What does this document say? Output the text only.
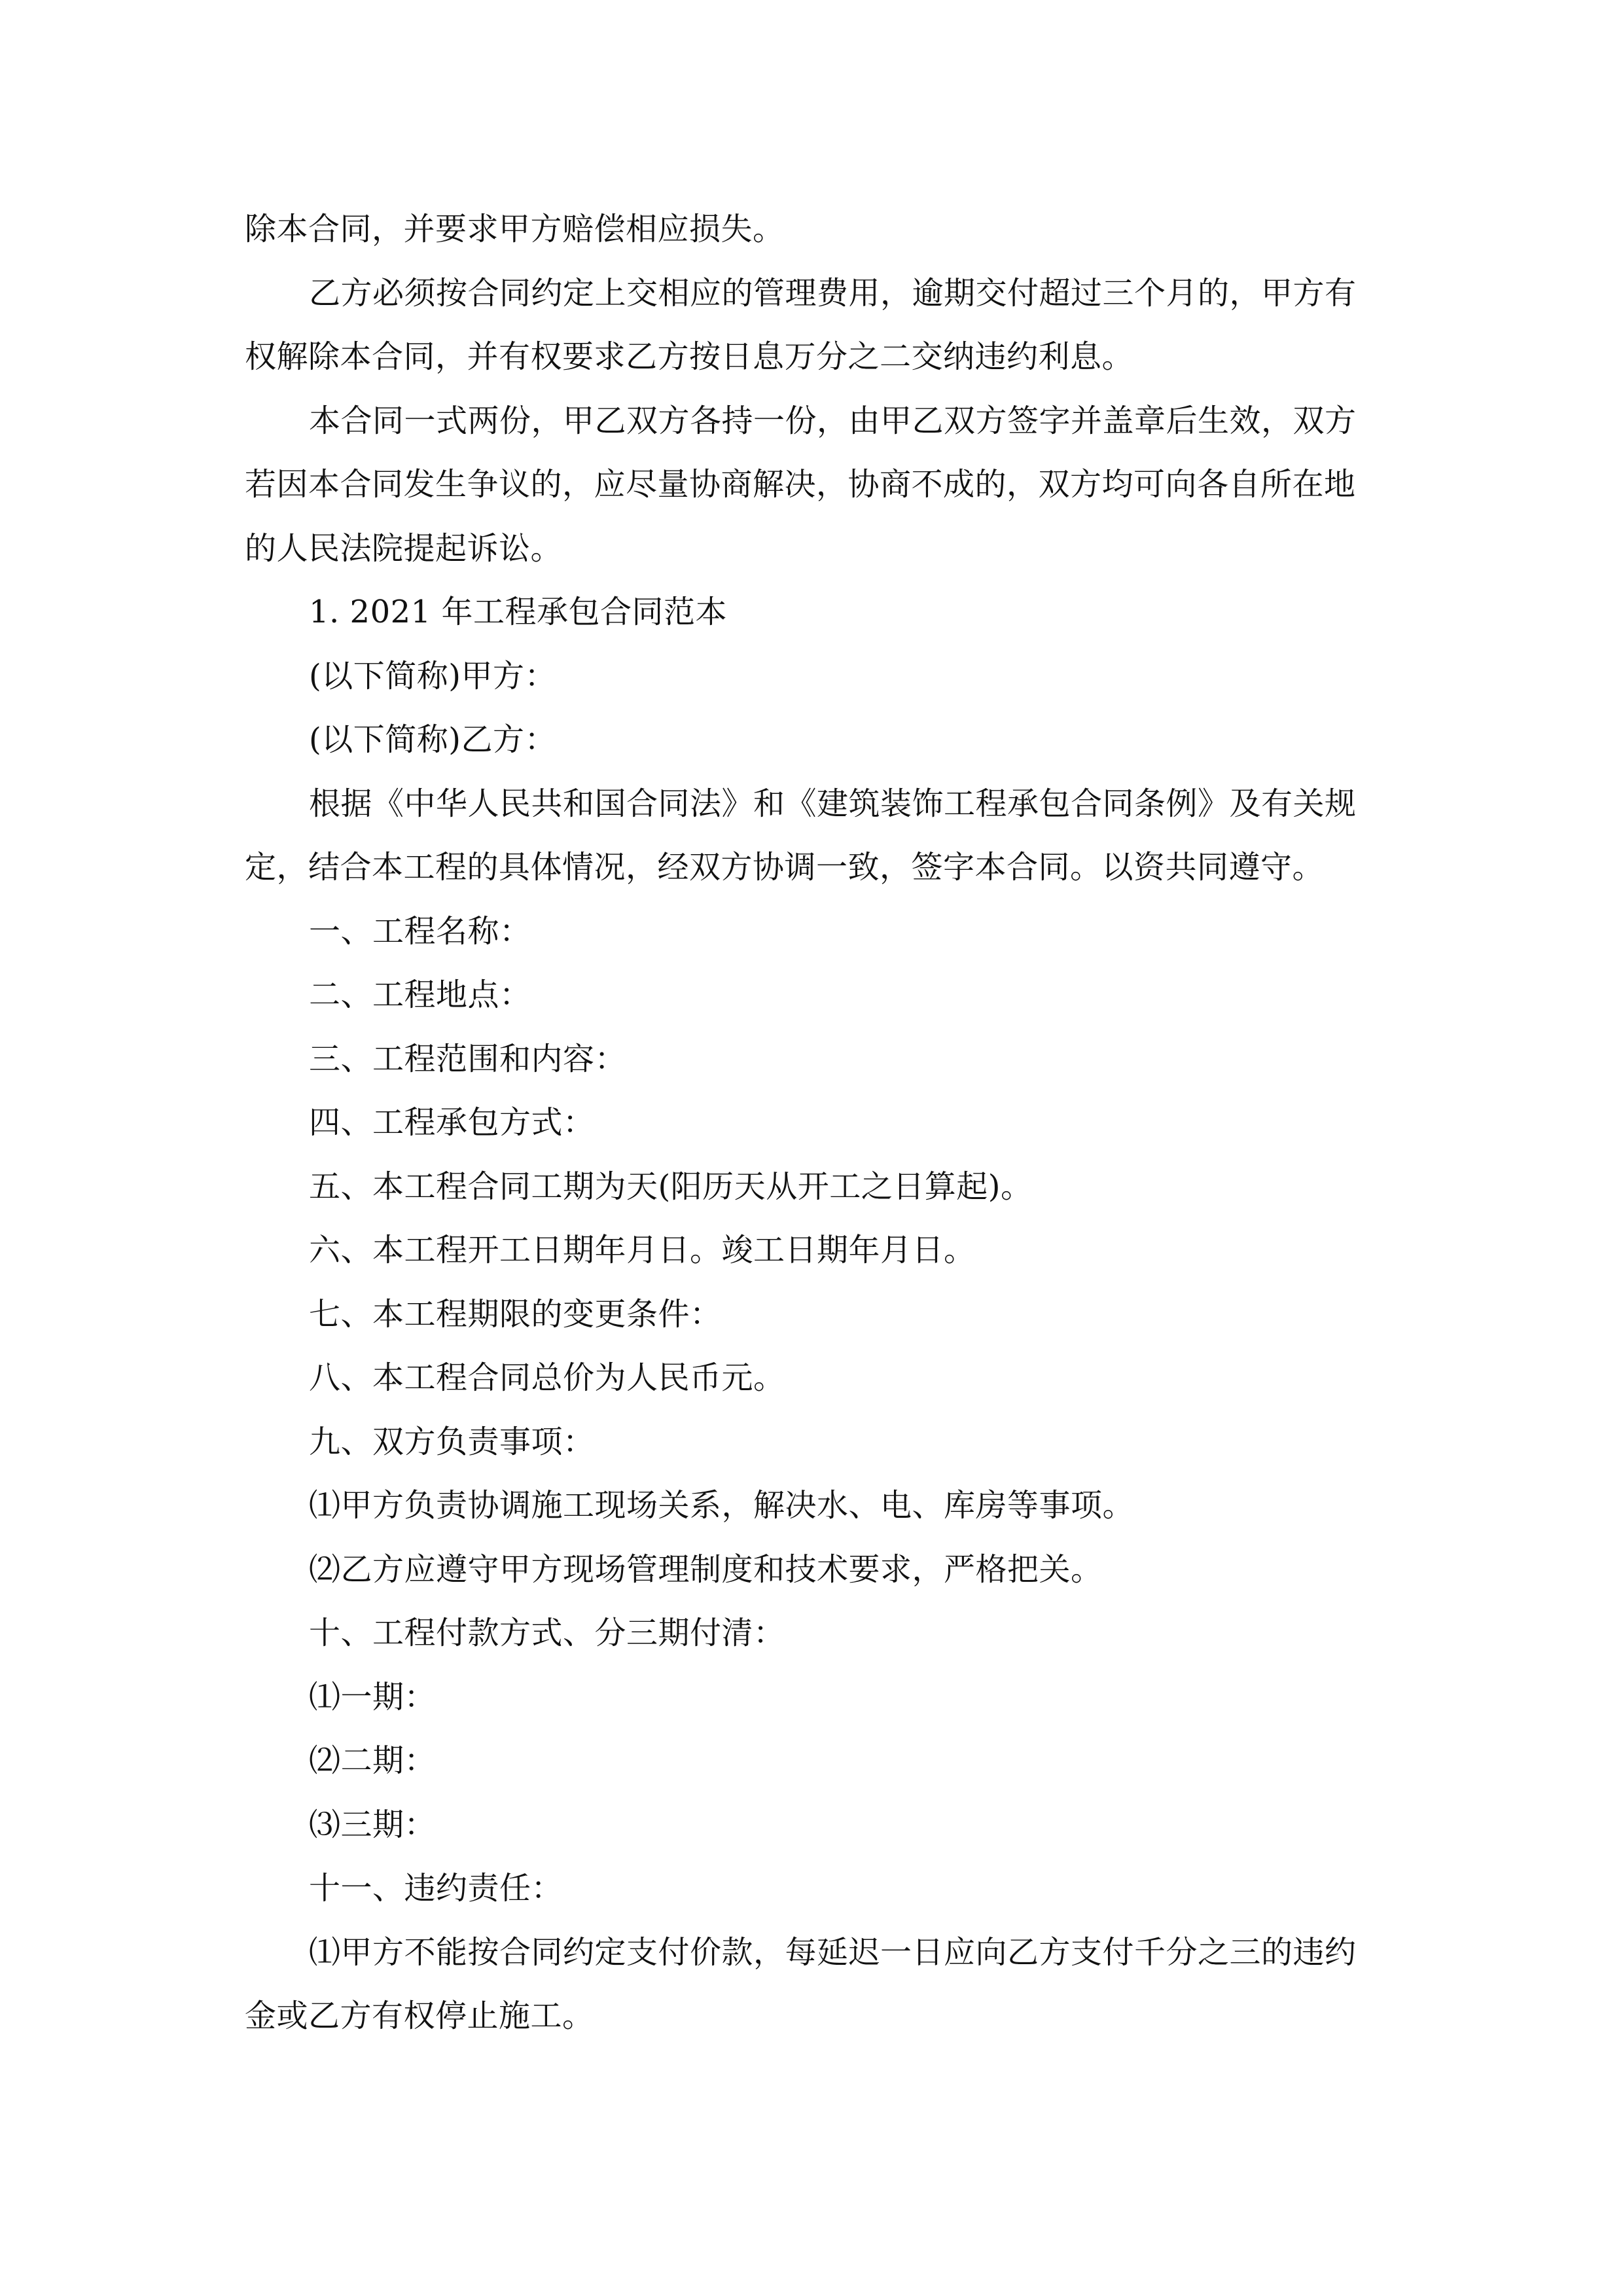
除本合同，并要求甲方赔偿相应损失。

乙方必须按合同约定上交相应的管理费用，逾期交付超过三个月的，甲方有权解除本合同，并有权要求乙方按日息万分之二交纳违约利息。

本合同一式两份，甲乙双方各持一份，由甲乙双方签字并盖章后生效，双方若因本合同发生争议的，应尽量协商解决，协商不成的，双方均可向各自所在地的人民法院提起诉讼。

1. 2021 年工程承包合同范本

(以下简称)甲方：

(以下简称)乙方：

根据《中华人民共和国合同法》和《建筑装饰工程承包合同条例》及有关规定，结合本工程的具体情况，经双方协调一致，签字本合同。以资共同遵守。

一、工程名称：

二、工程地点：

三、工程范围和内容：

四、工程承包方式：

五、本工程合同工期为天(阳历天从开工之日算起)。

六、本工程开工日期年月日。竣工日期年月日。

七、本工程期限的变更条件：

八、本工程合同总价为人民币元。

九、双方负责事项：

⑴甲方负责协调施工现场关系，解决水、电、库房等事项。

⑵乙方应遵守甲方现场管理制度和技术要求，严格把关。

十、工程付款方式、分三期付清：

⑴一期：

⑵二期：

⑶三期：

十一、违约责任：

⑴甲方不能按合同约定支付价款，每延迟一日应向乙方支付千分之三的违约金或乙方有权停止施工。
